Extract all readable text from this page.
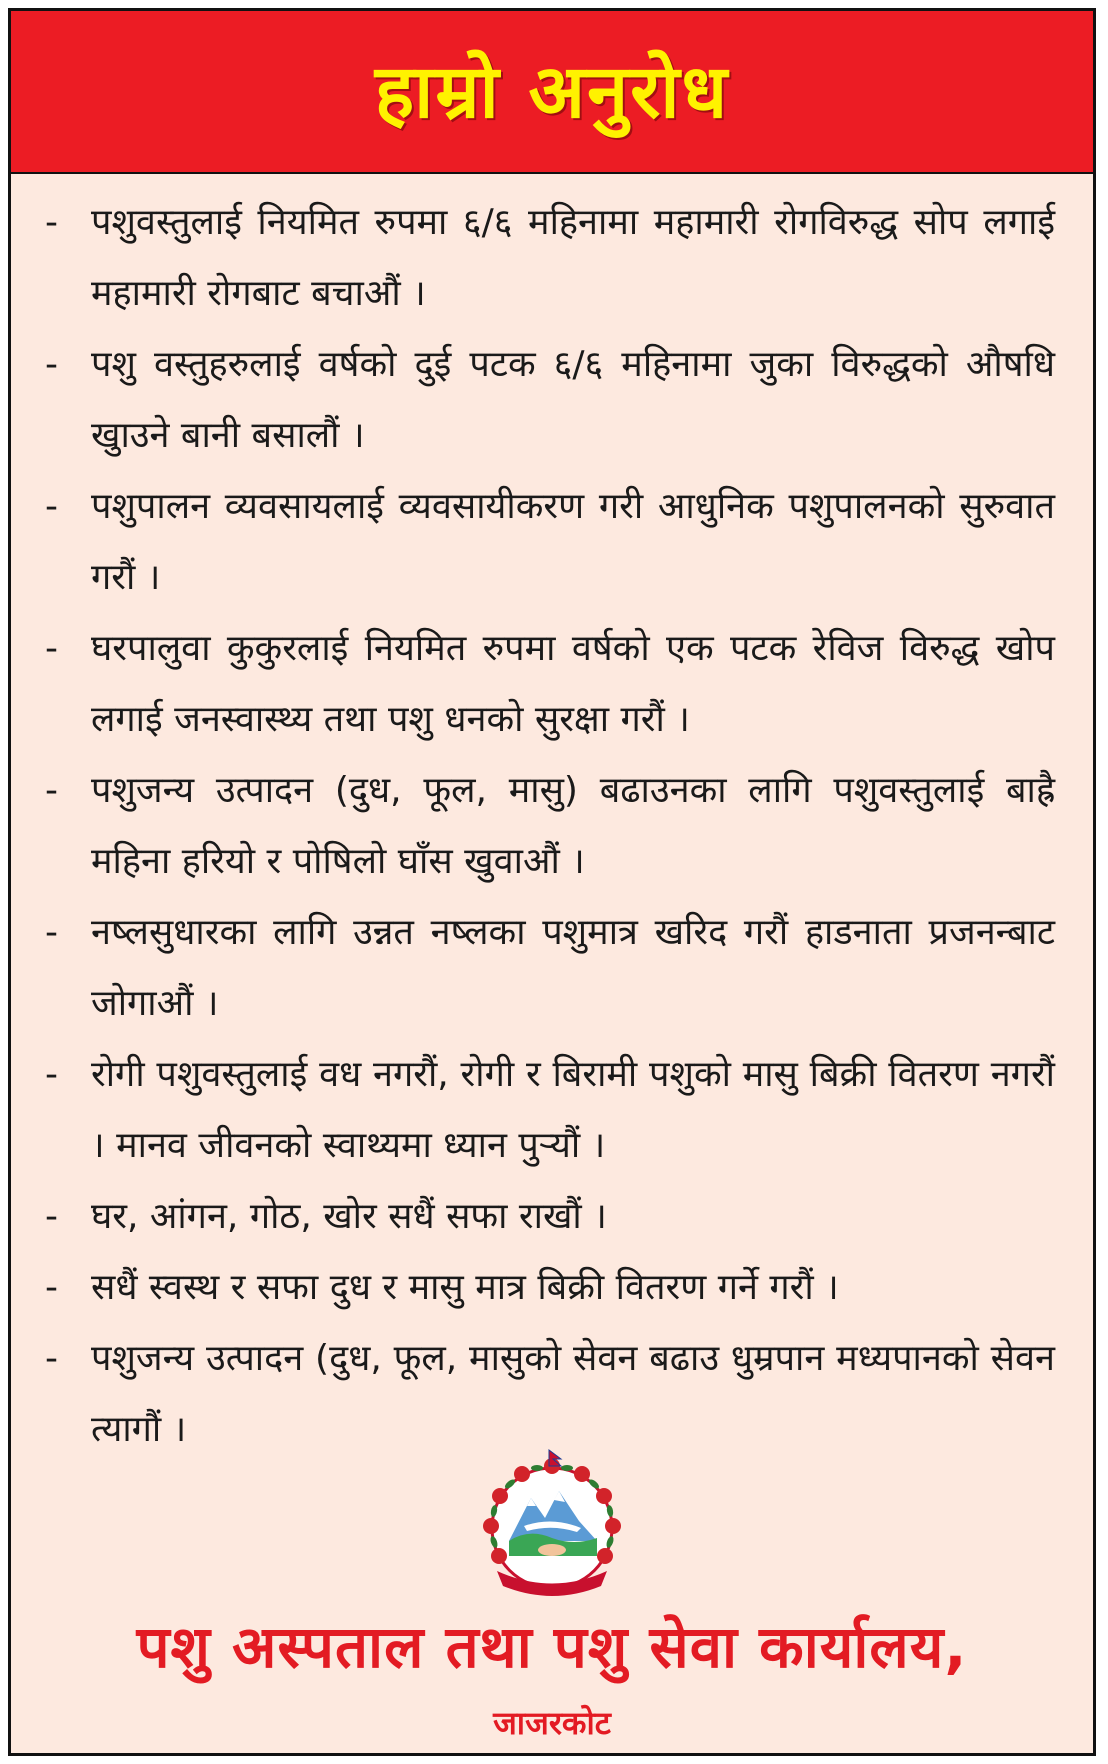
हाम्रो अनुरोध
- पशुवस्तुलाई नियमित रुपमा ६/६ महिनामा महामारी रोगविरुद्ध सोप लगाई महामारी रोगबाट बचाऔं ।
- पशु वस्तुहरुलाई वर्षको दुई पटक ६/६ महिनामा जुका विरुद्धको औषधि खुाउने बानी बसालौं ।
- पशुपालन व्यवसायलाई व्यवसायीकरण गरी आधुनिक पशुपालनको सुरुवात गरौं ।
- घरपालुवा कुकुरलाई नियमित रुपमा वर्षको एक पटक रेविज विरुद्ध खोप लगाई जनस्वास्थ्य तथा पशु धनको सुरक्षा गरौं ।
- पशुजन्य उत्पादन (दुध, फूल, मासु) बढाउनका लागि पशुवस्तुलाई बाह्रै महिना हरियो र पोषिलो घाँस खुवाऔं ।
- नष्लसुधारका लागि उन्नत नष्लका पशुमात्र खरिद गरौं हाडनाता प्रजनन्बाट जोगाऔं ।
- रोगी पशुवस्तुलाई वध नगरौं, रोगी र बिरामी पशुको मासु बिक्री वितरण नगरौं । मानव जीवनको स्वाथ्यमा ध्यान पुर्‍यौं ।
- घर, आंगन, गोठ, खोर सधैं सफा राखौं ।
- सधैं स्वस्थ र सफा दुध र मासु मात्र बिक्री वितरण गर्ने गरौं ।
- पशुजन्य उत्पादन (दुध, फूल, मासुको सेवन बढाउ धुम्रपान मध्यपानको सेवन त्यागौं ।
पशु अस्पताल तथा पशु सेवा कार्यालय,
जाजरकोट
